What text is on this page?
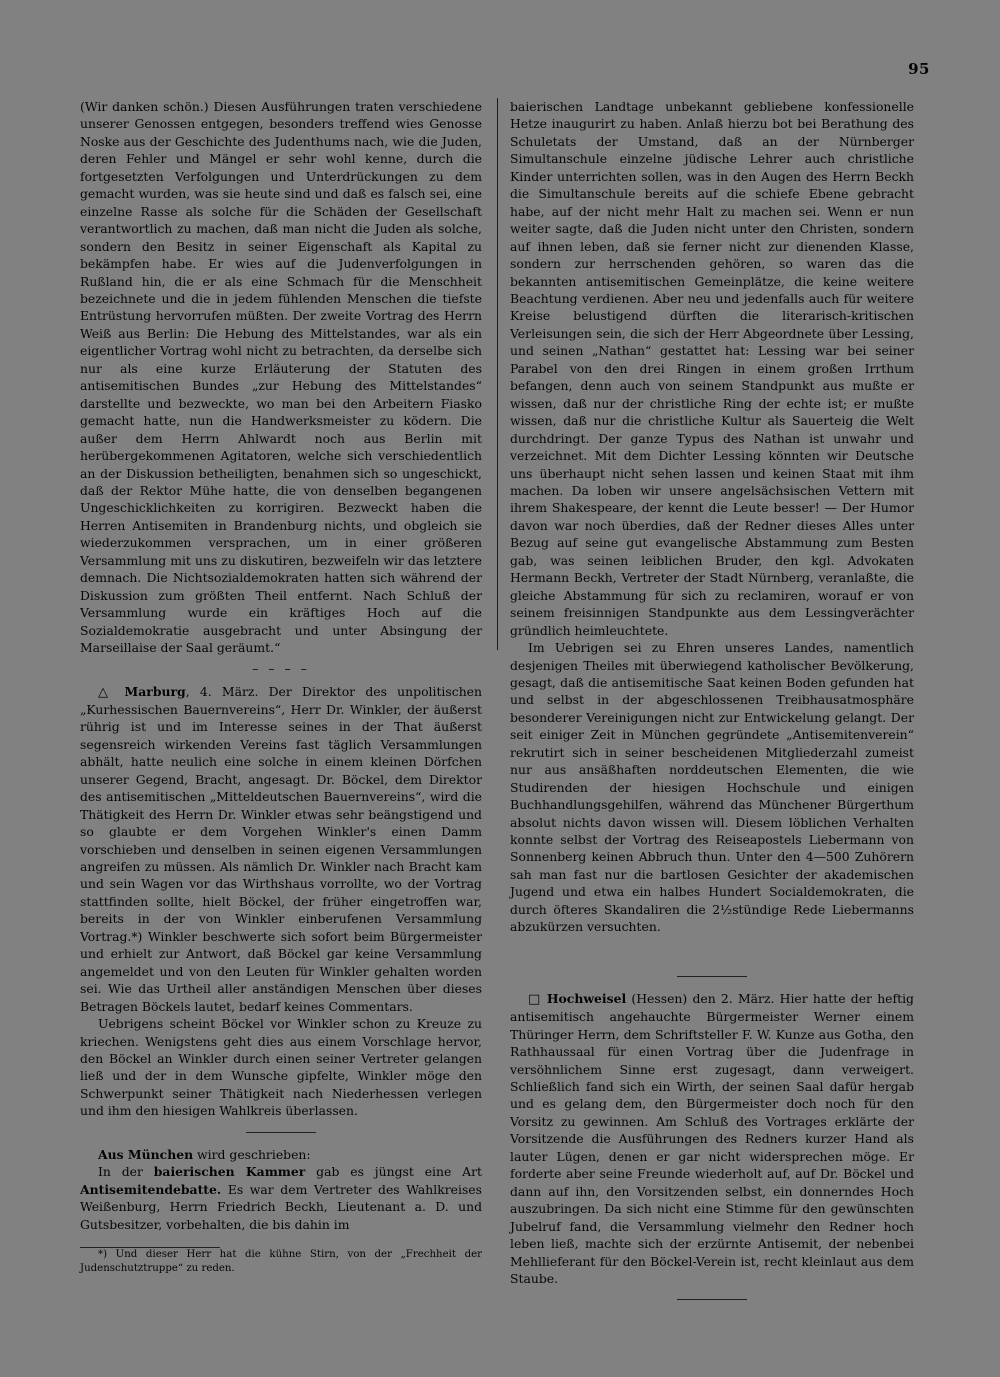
95

(Wir danken schön.) Diesen Ausführungen traten verschiedene unserer Genossen entgegen, besonders treffend wies Genosse Noske aus der Geschichte des Judenthums nach, wie die Juden, deren Fehler und Mängel er sehr wohl kenne, durch die fortgesetzten Verfolgungen und Unterdrückungen zu dem gemacht wurden, was sie heute sind und daß es falsch sei, eine einzelne Rasse als solche für die Schäden der Gesellschaft verantwortlich zu machen, daß man nicht die Juden als solche, sondern den Besitz in seiner Eigenschaft als Kapital zu bekämpfen habe. Er wies auf die Judenverfolgungen in Rußland hin, die er als eine Schmach für die Menschheit bezeichnete und die in jedem fühlenden Menschen die tiefste Entrüstung hervorrufen müßten. Der zweite Vortrag des Herrn Weiß aus Berlin: Die Hebung des Mittelstandes, war als ein eigentlicher Vortrag wohl nicht zu betrachten, da derselbe sich nur als eine kurze Erläuterung der Statuten des antisemitischen Bundes „zur Hebung des Mittelstandes“ darstellte und bezweckte, wo man bei den Arbeitern Fiasko gemacht hatte, nun die Handwerksmeister zu ködern. Die außer dem Herrn Ahlwardt noch aus Berlin mit herübergekommenen Agitatoren, welche sich verschiedentlich an der Diskussion betheiligten, benahmen sich so ungeschickt, daß der Rektor Mühe hatte, die von denselben begangenen Ungeschicklichkeiten zu korrigiren. Bezweckt haben die Herren Antisemiten in Brandenburg nichts, und obgleich sie wiederzukommen versprachen, um in einer größeren Versammlung mit uns zu diskutiren, bezweifeln wir das letztere demnach. Die Nichtsozialdemokraten hatten sich während der Diskussion zum größten Theil entfernt. Nach Schluß der Versammlung wurde ein kräftiges Hoch auf die Sozialdemokratie ausgebracht und unter Absingung der Marseillaise der Saal geräumt.“

– – – –

△ Marburg, 4. März. Der Direktor des unpolitischen „Kurhessischen Bauernvereins“, Herr Dr. Winkler, der äußerst rührig ist und im Interesse seines in der That äußerst segensreich wirkenden Vereins fast täglich Versammlungen abhält, hatte neulich eine solche in einem kleinen Dörfchen unserer Gegend, Bracht, angesagt. Dr. Böckel, dem Direktor des antisemitischen „Mitteldeutschen Bauernvereins“, wird die Thätigkeit des Herrn Dr. Winkler etwas sehr beängstigend und so glaubte er dem Vorgehen Winkler's einen Damm vorschieben und denselben in seinen eigenen Versammlungen angreifen zu müssen. Als nämlich Dr. Winkler nach Bracht kam und sein Wagen vor das Wirthshaus vorrollte, wo der Vortrag stattfinden sollte, hielt Böckel, der früher eingetroffen war, bereits in der von Winkler einberufenen Versammlung Vortrag.*) Winkler beschwerte sich sofort beim Bürgermeister und erhielt zur Antwort, daß Böckel gar keine Versammlung angemeldet und von den Leuten für Winkler gehalten worden sei. Wie das Urtheil aller anständigen Menschen über dieses Betragen Böckels lautet, bedarf keines Commentars.

Uebrigens scheint Böckel vor Winkler schon zu Kreuze zu kriechen. Wenigstens geht dies aus einem Vorschlage hervor, den Böckel an Winkler durch einen seiner Vertreter gelangen ließ und der in dem Wunsche gipfelte, Winkler möge den Schwerpunkt seiner Thätigkeit nach Niederhessen verlegen und ihm den hiesigen Wahlkreis überlassen.

Aus München wird geschrieben:

In der baierischen Kammer gab es jüngst eine Art Antisemitendebatte. Es war dem Vertreter des Wahlkreises Weißenburg, Herrn Friedrich Beckh, Lieutenant a. D. und Gutsbesitzer, vorbehalten, die bis dahin im

*) Und dieser Herr hat die kühne Stirn, von der „Frechheit der Judenschutztruppe“ zu reden.

baierischen Landtage unbekannt gebliebene konfessionelle Hetze inaugurirt zu haben. Anlaß hierzu bot bei Berathung des Schuletats der Umstand, daß an der Nürnberger Simultanschule einzelne jüdische Lehrer auch christliche Kinder unterrichten sollen, was in den Augen des Herrn Beckh die Simultanschule bereits auf die schiefe Ebene gebracht habe, auf der nicht mehr Halt zu machen sei. Wenn er nun weiter sagte, daß die Juden nicht unter den Christen, sondern auf ihnen leben, daß sie ferner nicht zur dienenden Klasse, sondern zur herrschenden gehören, so waren das die bekannten antisemitischen Gemeinplätze, die keine weitere Beachtung verdienen. Aber neu und jedenfalls auch für weitere Kreise belustigend dürften die literarisch-kritischen Verleisungen sein, die sich der Herr Abgeordnete über Lessing, und seinen „Nathan“ gestattet hat: Lessing war bei seiner Parabel von den drei Ringen in einem großen Irrthum befangen, denn auch von seinem Standpunkt aus mußte er wissen, daß nur der christliche Ring der echte ist; er mußte wissen, daß nur die christliche Kultur als Sauerteig die Welt durchdringt. Der ganze Typus des Nathan ist unwahr und verzeichnet. Mit dem Dichter Lessing könnten wir Deutsche uns überhaupt nicht sehen lassen und keinen Staat mit ihm machen. Da loben wir unsere angelsächsischen Vettern mit ihrem Shakespeare, der kennt die Leute besser! — Der Humor davon war noch überdies, daß der Redner dieses Alles unter Bezug auf seine gut evangelische Abstammung zum Besten gab, was seinen leiblichen Bruder, den kgl. Advokaten Hermann Beckh, Vertreter der Stadt Nürnberg, veranlaßte, die gleiche Abstammung für sich zu reclamiren, worauf er von seinem freisinnigen Standpunkte aus dem Lessingverächter gründlich heimleuchtete.

Im Uebrigen sei zu Ehren unseres Landes, namentlich desjenigen Theiles mit überwiegend katholischer Bevölkerung, gesagt, daß die antisemitische Saat keinen Boden gefunden hat und selbst in der abgeschlossenen Treibhausatmosphäre besonderer Vereinigungen nicht zur Entwickelung gelangt. Der seit einiger Zeit in München gegründete „Antisemitenverein“ rekrutirt sich in seiner bescheidenen Mitgliederzahl zumeist nur aus ansäßhaften norddeutschen Elementen, die wie Studirenden der hiesigen Hochschule und einigen Buchhandlungsgehilfen, während das Münchener Bürgerthum absolut nichts davon wissen will. Diesem löblichen Verhalten konnte selbst der Vortrag des Reiseapostels Liebermann von Sonnenberg keinen Abbruch thun. Unter den 4—500 Zuhörern sah man fast nur die bartlosen Gesichter der akademischen Jugend und etwa ein halbes Hundert Socialdemokraten, die durch öfteres Skandaliren die 2½stündige Rede Liebermanns abzukürzen versuchten.

□ Hochweisel (Hessen) den 2. März. Hier hatte der heftig antisemitisch angehauchte Bürgermeister Werner einem Thüringer Herrn, dem Schriftsteller F. W. Kunze aus Gotha, den Rathhaussaal für einen Vortrag über die Judenfrage in versöhnlichem Sinne erst zugesagt, dann verweigert. Schließlich fand sich ein Wirth, der seinen Saal dafür hergab und es gelang dem, den Bürgermeister doch noch für den Vorsitz zu gewinnen. Am Schluß des Vortrages erklärte der Vorsitzende die Ausführungen des Redners kurzer Hand als lauter Lügen, denen er gar nicht widersprechen möge. Er forderte aber seine Freunde wiederholt auf, auf Dr. Böckel und dann auf ihn, den Vorsitzenden selbst, ein donnerndes Hoch auszubringen. Da sich nicht eine Stimme für den gewünschten Jubelruf fand, die Versammlung vielmehr den Redner hoch leben ließ, machte sich der erzürnte Antisemit, der nebenbei Mehllieferant für den Böckel-Verein ist, recht kleinlaut aus dem Staube.
